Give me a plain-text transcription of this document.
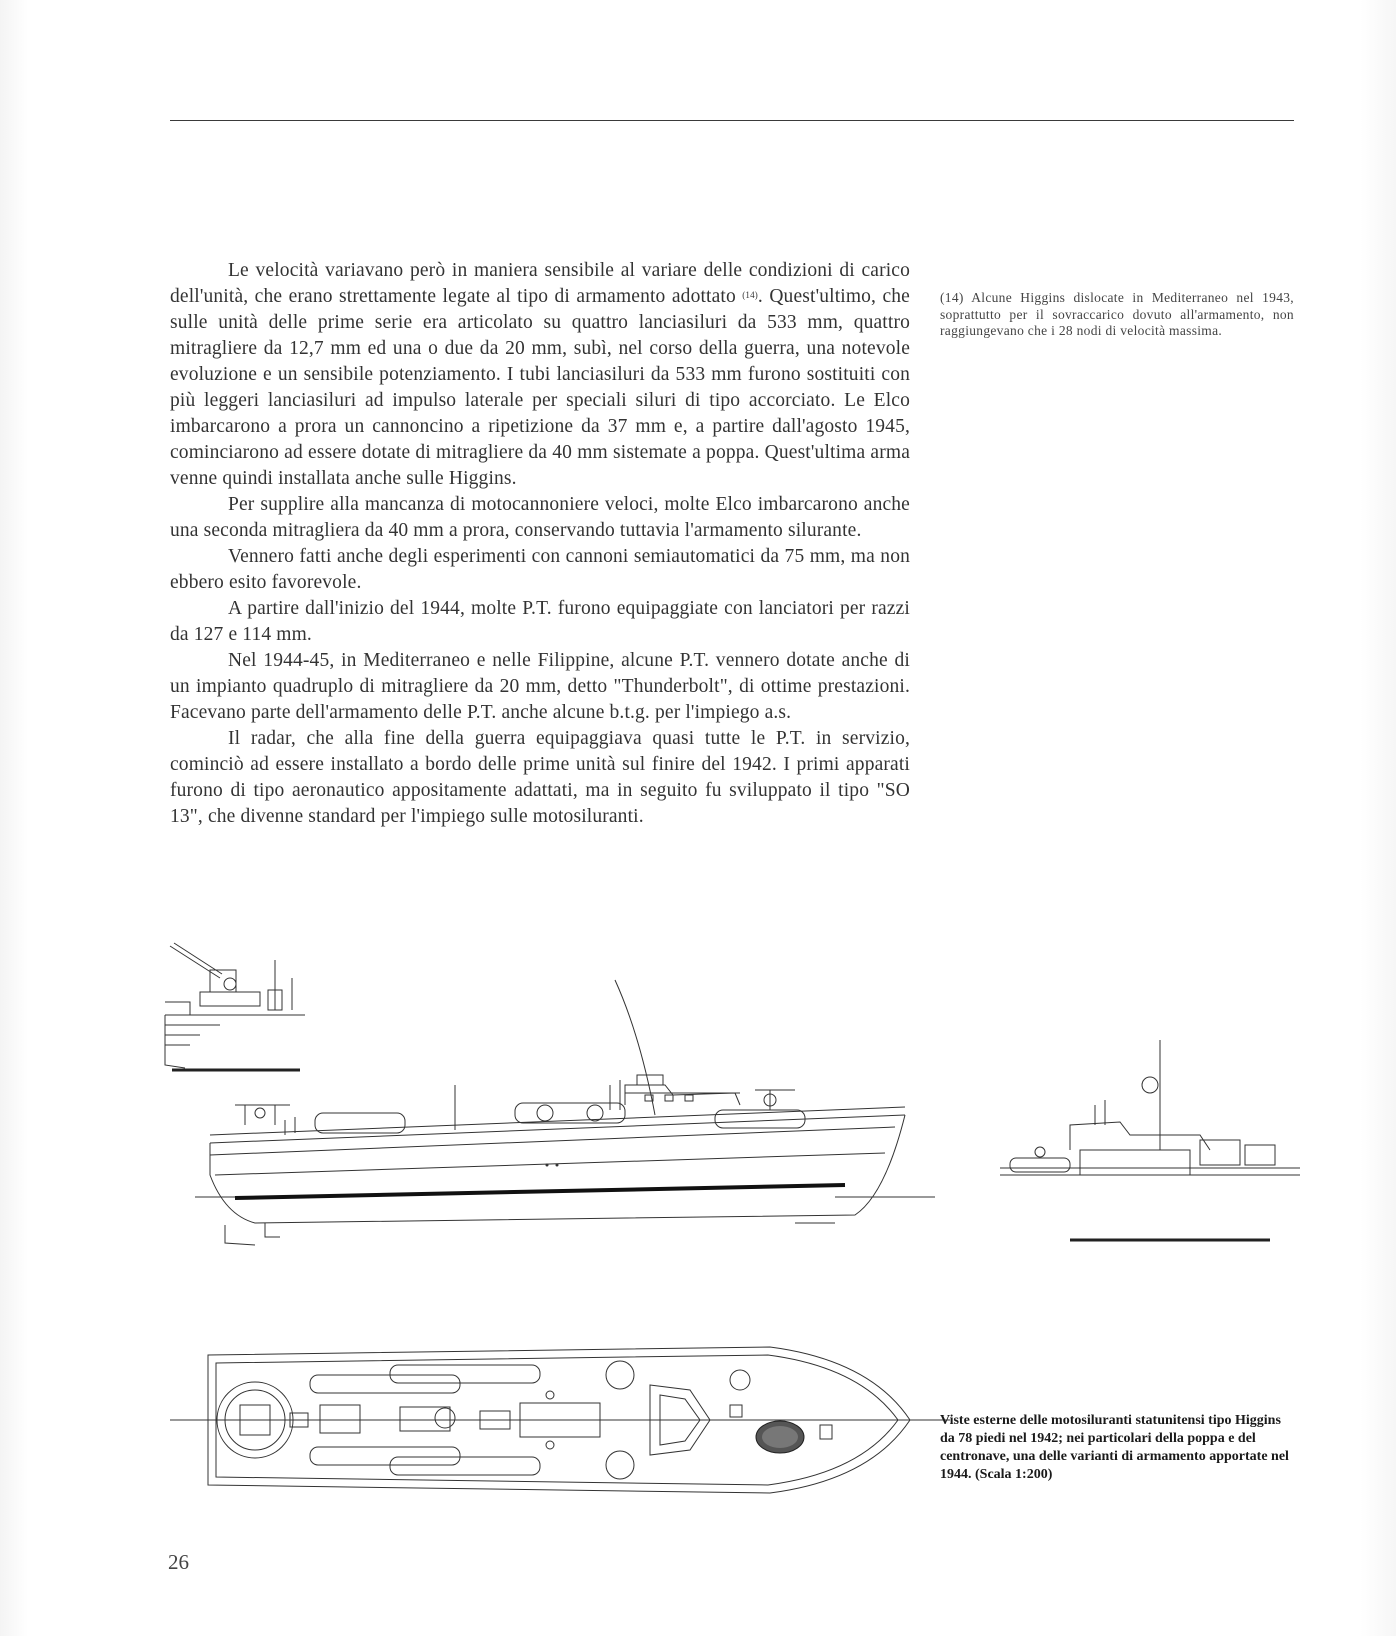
Le velocità variavano però in maniera sensibile al variare delle condizioni di carico dell'unità, che erano strettamente legate al tipo di armamento adottato $^{(14)}$. Quest'ultimo, che sulle unità delle prime serie era articolato su quattro lanciasiluri da 533 mm, quattro mitragliere da 12,7 mm ed una o due da 20 mm, subì, nel corso della guerra, una notevole evoluzione e un sensibile potenziamento. I tubi lanciasiluri da 533 mm furono sostituiti con più leggeri lanciasiluri ad impulso laterale per speciali siluri di tipo accorciato. Le Elco imbarcarono a prora un cannoncino a ripetizione da 37 mm e, a partire dall'agosto 1945, cominciarono ad essere dotate di mitragliere da 40 mm sistemate a poppa. Quest'ultima arma venne quindi installata anche sulle Higgins.

Per supplire alla mancanza di motocannoniere veloci, molte Elco imbarcarono anche una seconda mitragliera da 40 mm a prora, conservando tuttavia l'armamento silurante.

Vennero fatti anche degli esperimenti con cannoni semiautomatici da 75 mm, ma non ebbero esito favorevole.

A partire dall'inizio del 1944, molte P.T. furono equipaggiate con lanciatori per razzi da 127 e 114 mm.

Nel 1944-45, in Mediterraneo e nelle Filippine, alcune P.T. vennero dotate anche di un impianto quadruplo di mitragliere da 20 mm, detto "Thunderbolt", di ottime prestazioni. Facevano parte dell'armamento delle P.T. anche alcune b.t.g. per l'impiego a.s.

Il radar, che alla fine della guerra equipaggiava quasi tutte le P.T. in servizio, cominciò ad essere installato a bordo delle prime unità sul finire del 1942. I primi apparati furono di tipo aeronautico appositamente adattati, ma in seguito fu sviluppato il tipo "SO 13", che divenne standard per l'impiego sulle motosiluranti.

(14) Alcune Higgins dislocate in Mediterraneo nel 1943, soprattutto per il sovraccarico dovuto all'armamento, non raggiungevano che i 28 nodi di velocità massima.
Viste esterne delle motosiluranti statunitensi tipo Higgins da 78 piedi nel 1942; nei particolari della poppa e del centronave, una delle varianti di armamento apportate nel 1944. (Scala 1:200)
26
